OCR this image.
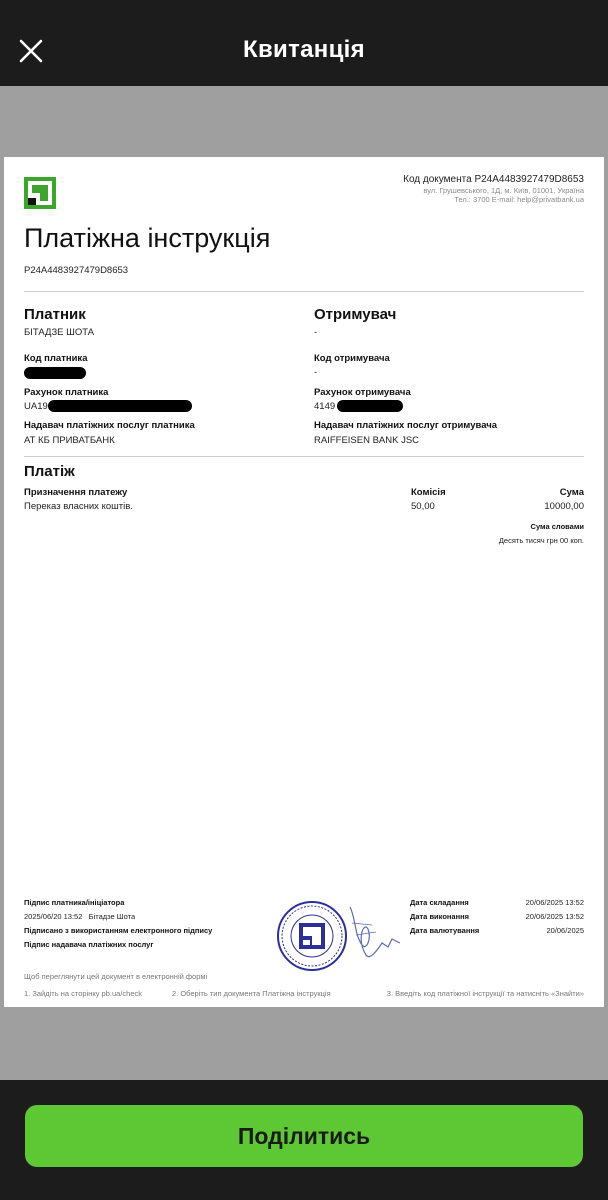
Квитанція
Код документа P24A4483927479D8653
вул. Грушевського, 1Д, м. Київ, 01001, Україна
Тел.: 3700 E-mail: help@privatbank.ua
Платіжна інструкція
P24A4483927479D8653
Платник
БІТАДЗЕ ШОТА
Код платника
Рахунок платника
UA19
Надавач платіжних послуг платника
АТ КБ ПРИВАТБАНК
Отримувач
-
Код отримувача
-
Рахунок отримувача
4149
Надавач платіжних послуг отримувача
RAIFFEISEN BANK JSC
Платіж
Призначення платежу
Переказ власних коштів.
Комісія
50,00
Сума
10000,00
Сума словами
Десять тисяч грн 00 коп.
Підпис платника/ініціатора
2025/06/20 13:52   Бітадзе Шота
Підписано з використанням електронного підпису
Підпис надавача платіжних послуг
Дата складання	20/06/2025 13:52
Дата виконання	20/06/2025 13:52
Дата валютування	20/06/2025
Щоб переглянути цей документ в електронній формі
1. Зайдіть на сторінку pb.ua/check	2. Оберіть тип документа Платіжна інструкція	3. Введіть код платіжної інструкції та натисніть «Знайти»
Поділитись
